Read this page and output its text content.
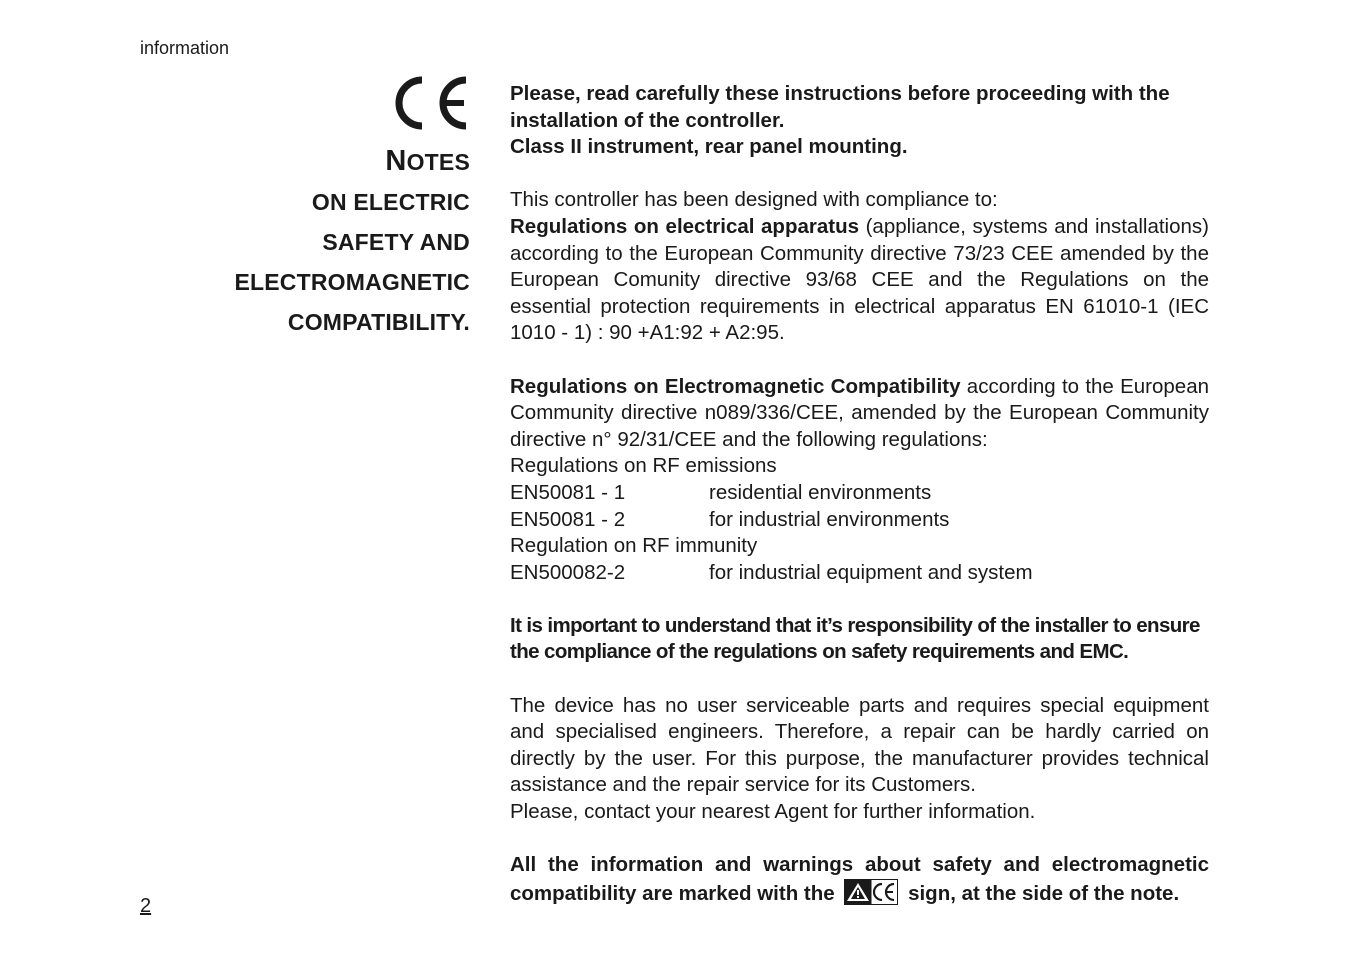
information
NOTES
ON ELECTRIC
SAFETY AND
ELECTROMAGNETIC
COMPATIBILITY.

Please, read carefully these instructions before proceeding with the installation of the controller.
Class II instrument, rear panel mounting.

This controller has been designed with compliance to:
Regulations on electrical apparatus (appliance, systems and installations) according to the European Community directive 73/23 CEE amended by the European Comunity directive 93/68 CEE and the Regulations on the essential protection requirements in electrical apparatus EN 61010-1 (IEC 1010 - 1) : 90 +A1:92 + A2:95.

Regulations on Electromagnetic Compatibility according to the European Community directive n089/336/CEE, amended by the European Community directive n° 92/31/CEE and the following regulations:
Regulations on RF emissions
EN50081 - 1	residential environments
EN50081 - 2	for industrial environments
Regulation on RF immunity
EN500082-2	for industrial equipment and system

It is important to understand that it’s responsibility of the installer to ensure the compliance of the regulations on safety requirements and EMC.

The device has no user serviceable parts and requires special equipment and specialised engineers. Therefore, a repair can be hardly carried on directly by the user. For this purpose, the manufacturer provides technical assistance and the repair service for its Customers.
Please, contact your nearest Agent for further information.

All the information and warnings about safety and electromagnetic compatibility are marked with the	sign, at the side of the note.

2
